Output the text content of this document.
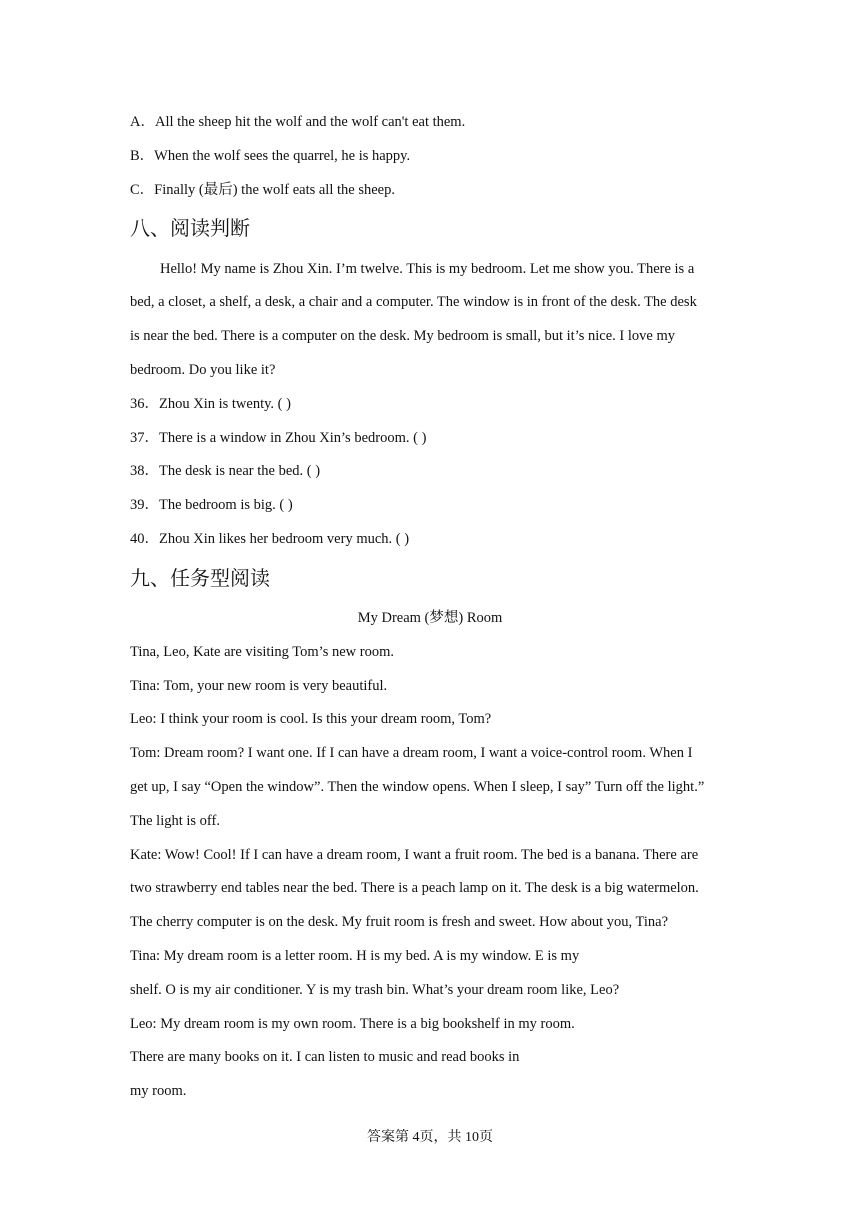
A．All the sheep hit the wolf and the wolf can't eat them.
B．When the wolf sees the quarrel, he is happy.
C．Finally (最后) the wolf eats all the sheep.
八、阅读判断
Hello! My name is Zhou Xin. I’m twelve. This is my bedroom. Let me show you. There is a
bed, a closet, a shelf, a desk, a chair and a computer. The window is in front of the desk. The desk
is near the bed. There is a computer on the desk. My bedroom is small, but it’s nice. I love my
bedroom. Do you like it?
36．Zhou Xin is twenty. ( )
37．There is a window in Zhou Xin’s bedroom. ( )
38．The desk is near the bed. ( )
39．The bedroom is big. ( )
40．Zhou Xin likes her bedroom very much. ( )
九、任务型阅读
My Dream (梦想) Room
Tina, Leo, Kate are visiting Tom’s new room.
Tina: Tom, your new room is very beautiful.
Leo: I think your room is cool. Is this your dream room, Tom?
Tom: Dream room? I want one. If I can have a dream room, I want a voice-control room. When I
get up, I say “Open the window”. Then the window opens. When I sleep, I say” Turn off the light.”
The light is off.
Kate: Wow! Cool! If I can have a dream room, I want a fruit room. The bed is a banana. There are
two strawberry end tables near the bed. There is a peach lamp on it. The desk is a big watermelon.
The cherry computer is on the desk. My fruit room is fresh and sweet. How about you, Tina?
Tina: My dream room is a letter room. H is my bed. A is my window. E is my
shelf. O is my air conditioner. Y is my trash bin. What’s your dream room like, Leo?
Leo: My dream room is my own room. There is a big bookshelf in my room.
There are many books on it. I can listen to music and read books in
my room.
答案第 4页，共 10页
